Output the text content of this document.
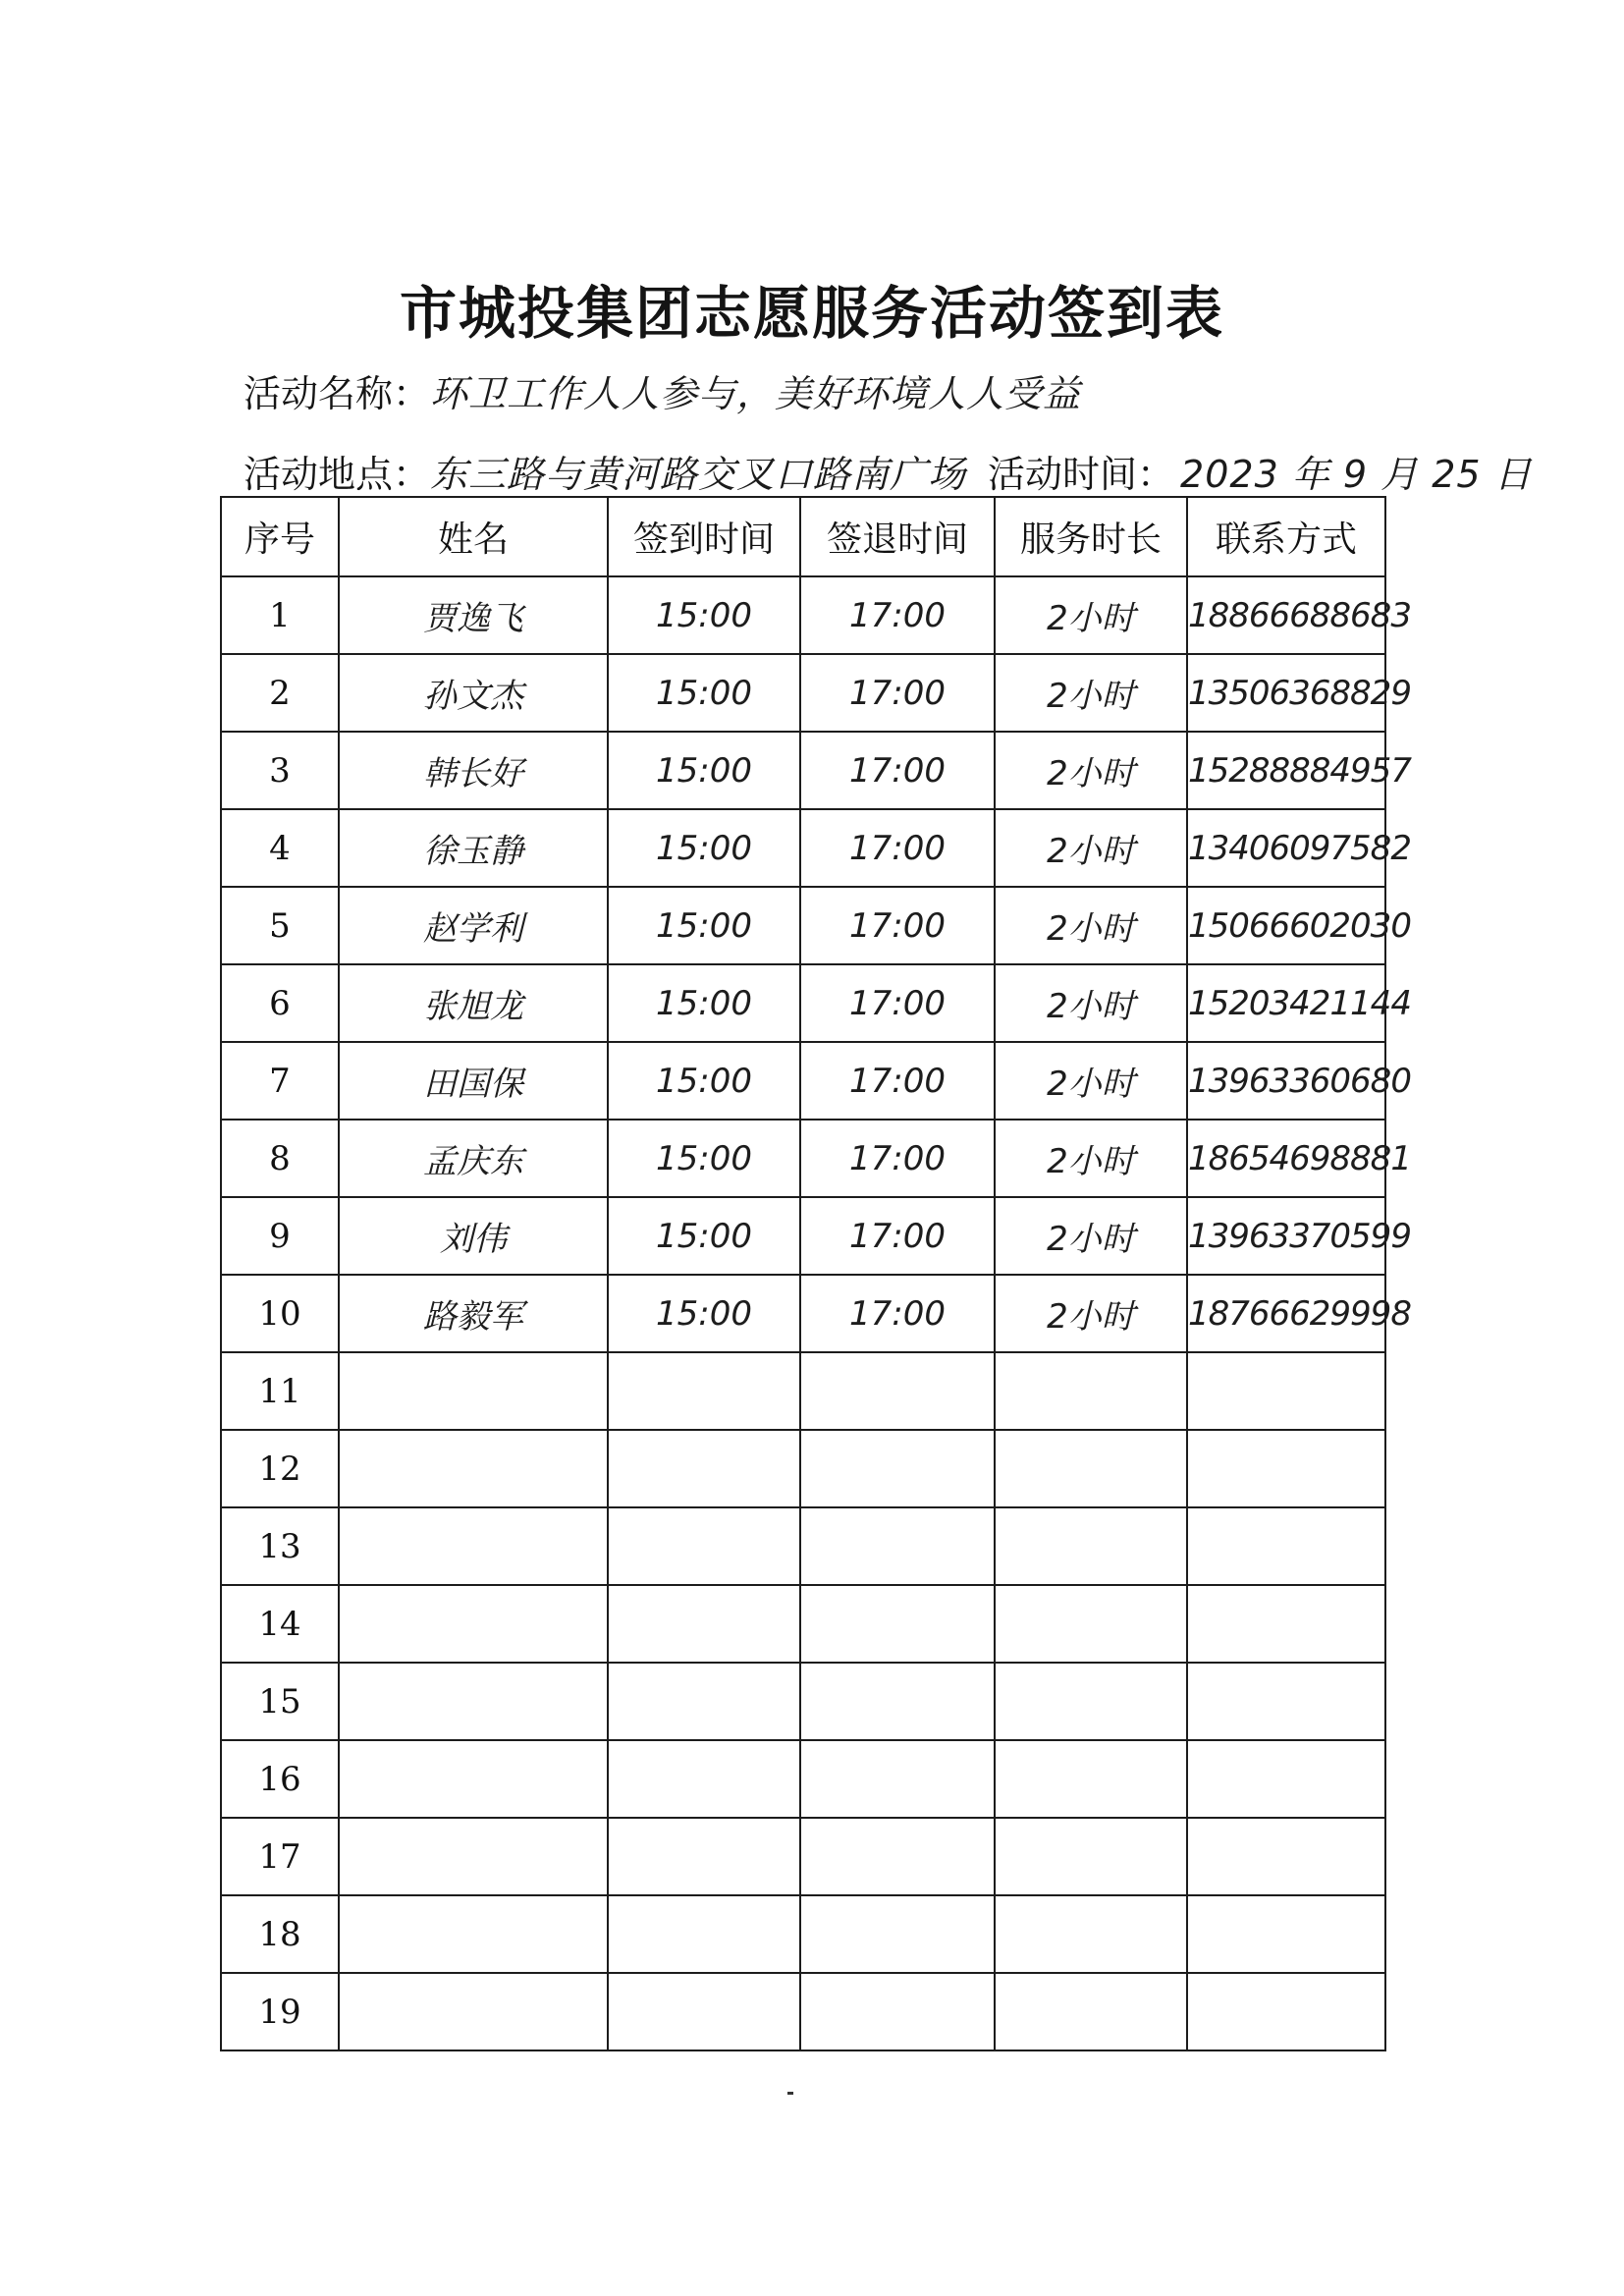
市城投集团志愿服务活动签到表
活动名称：环卫工作人人参与，美好环境人人受益
活动地点：东三路与黄河路交叉口路南广场 活动时间： 2023 年 9 月 25 日
序号	姓名	签到时间	签退时间	服务时长	联系方式
1	贾逸飞	15:00	17:00	2小时	18866688683
2	孙文杰	15:00	17:00	2小时	13506368829
3	韩长好	15:00	17:00	2小时	15288884957
4	徐玉静	15:00	17:00	2小时	13406097582
5	赵学利	15:00	17:00	2小时	15066602030
6	张旭龙	15:00	17:00	2小时	15203421144
7	田国保	15:00	17:00	2小时	13963360680
8	孟庆东	15:00	17:00	2小时	18654698881
9	刘伟	15:00	17:00	2小时	13963370599
10	路毅军	15:00	17:00	2小时	18766629998
11					
12					
13					
14					
15					
16					
17					
18					
19					
